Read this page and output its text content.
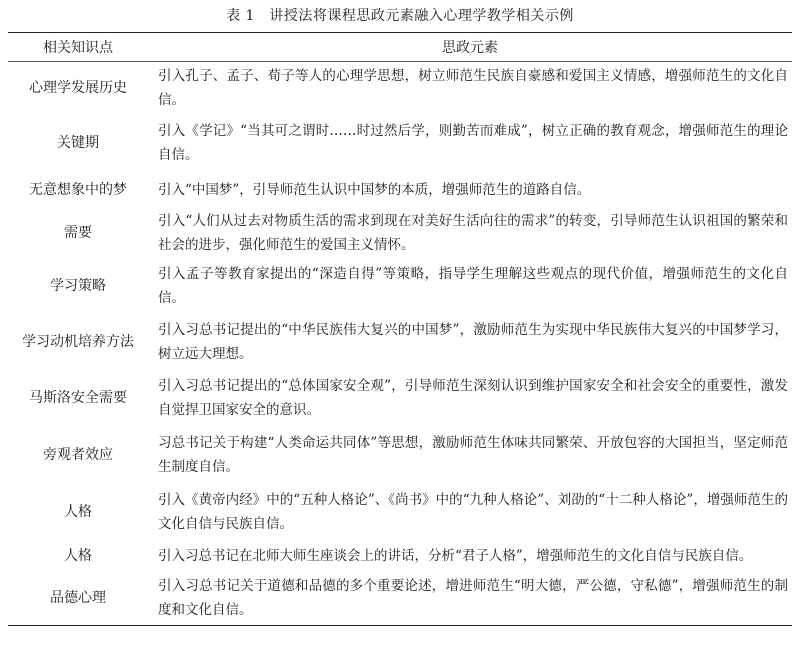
表 1　讲授法将课程思政元素融入心理学教学相关示例
相关知识点	思政元素
心理学发展历史	引入孔子、孟子、荀子等人的心理学思想，树立师范生民族自豪感和爱国主义情感，增强师范生的文化自信。
关键期	引入《学记》“当其可之谓时……时过然后学，则勤苦而难成”，树立正确的教育观念，增强师范生的理论自信。
无意想象中的梦	引入“中国梦”，引导师范生认识中国梦的本质，增强师范生的道路自信。
需要	引入“人们从过去对物质生活的需求到现在对美好生活向往的需求”的转变，引导师范生认识祖国的繁荣和社会的进步，强化师范生的爱国主义情怀。
学习策略	引入孟子等教育家提出的“深造自得”等策略，指导学生理解这些观点的现代价值，增强师范生的文化自信。
学习动机培养方法	引入习总书记提出的“中华民族伟大复兴的中国梦”，激励师范生为实现中华民族伟大复兴的中国梦学习，树立远大理想。
马斯洛安全需要	引入习总书记提出的“总体国家安全观”，引导师范生深刻认识到维护国家安全和社会安全的重要性，激发自觉捍卫国家安全的意识。
旁观者效应	习总书记关于构建“人类命运共同体”等思想，激励师范生体味共同繁荣、开放包容的大国担当，坚定师范生制度自信。
人格	引入《黄帝内经》中的“五种人格论”、《尚书》中的“九种人格论”、刘劭的“十二种人格论”，增强师范生的文化自信与民族自信。
人格	引入习总书记在北师大师生座谈会上的讲话，分析“君子人格”，增强师范生的文化自信与民族自信。
品德心理	引入习总书记关于道德和品德的多个重要论述，增进师范生“明大德，严公德，守私德”，增强师范生的制度和文化自信。
